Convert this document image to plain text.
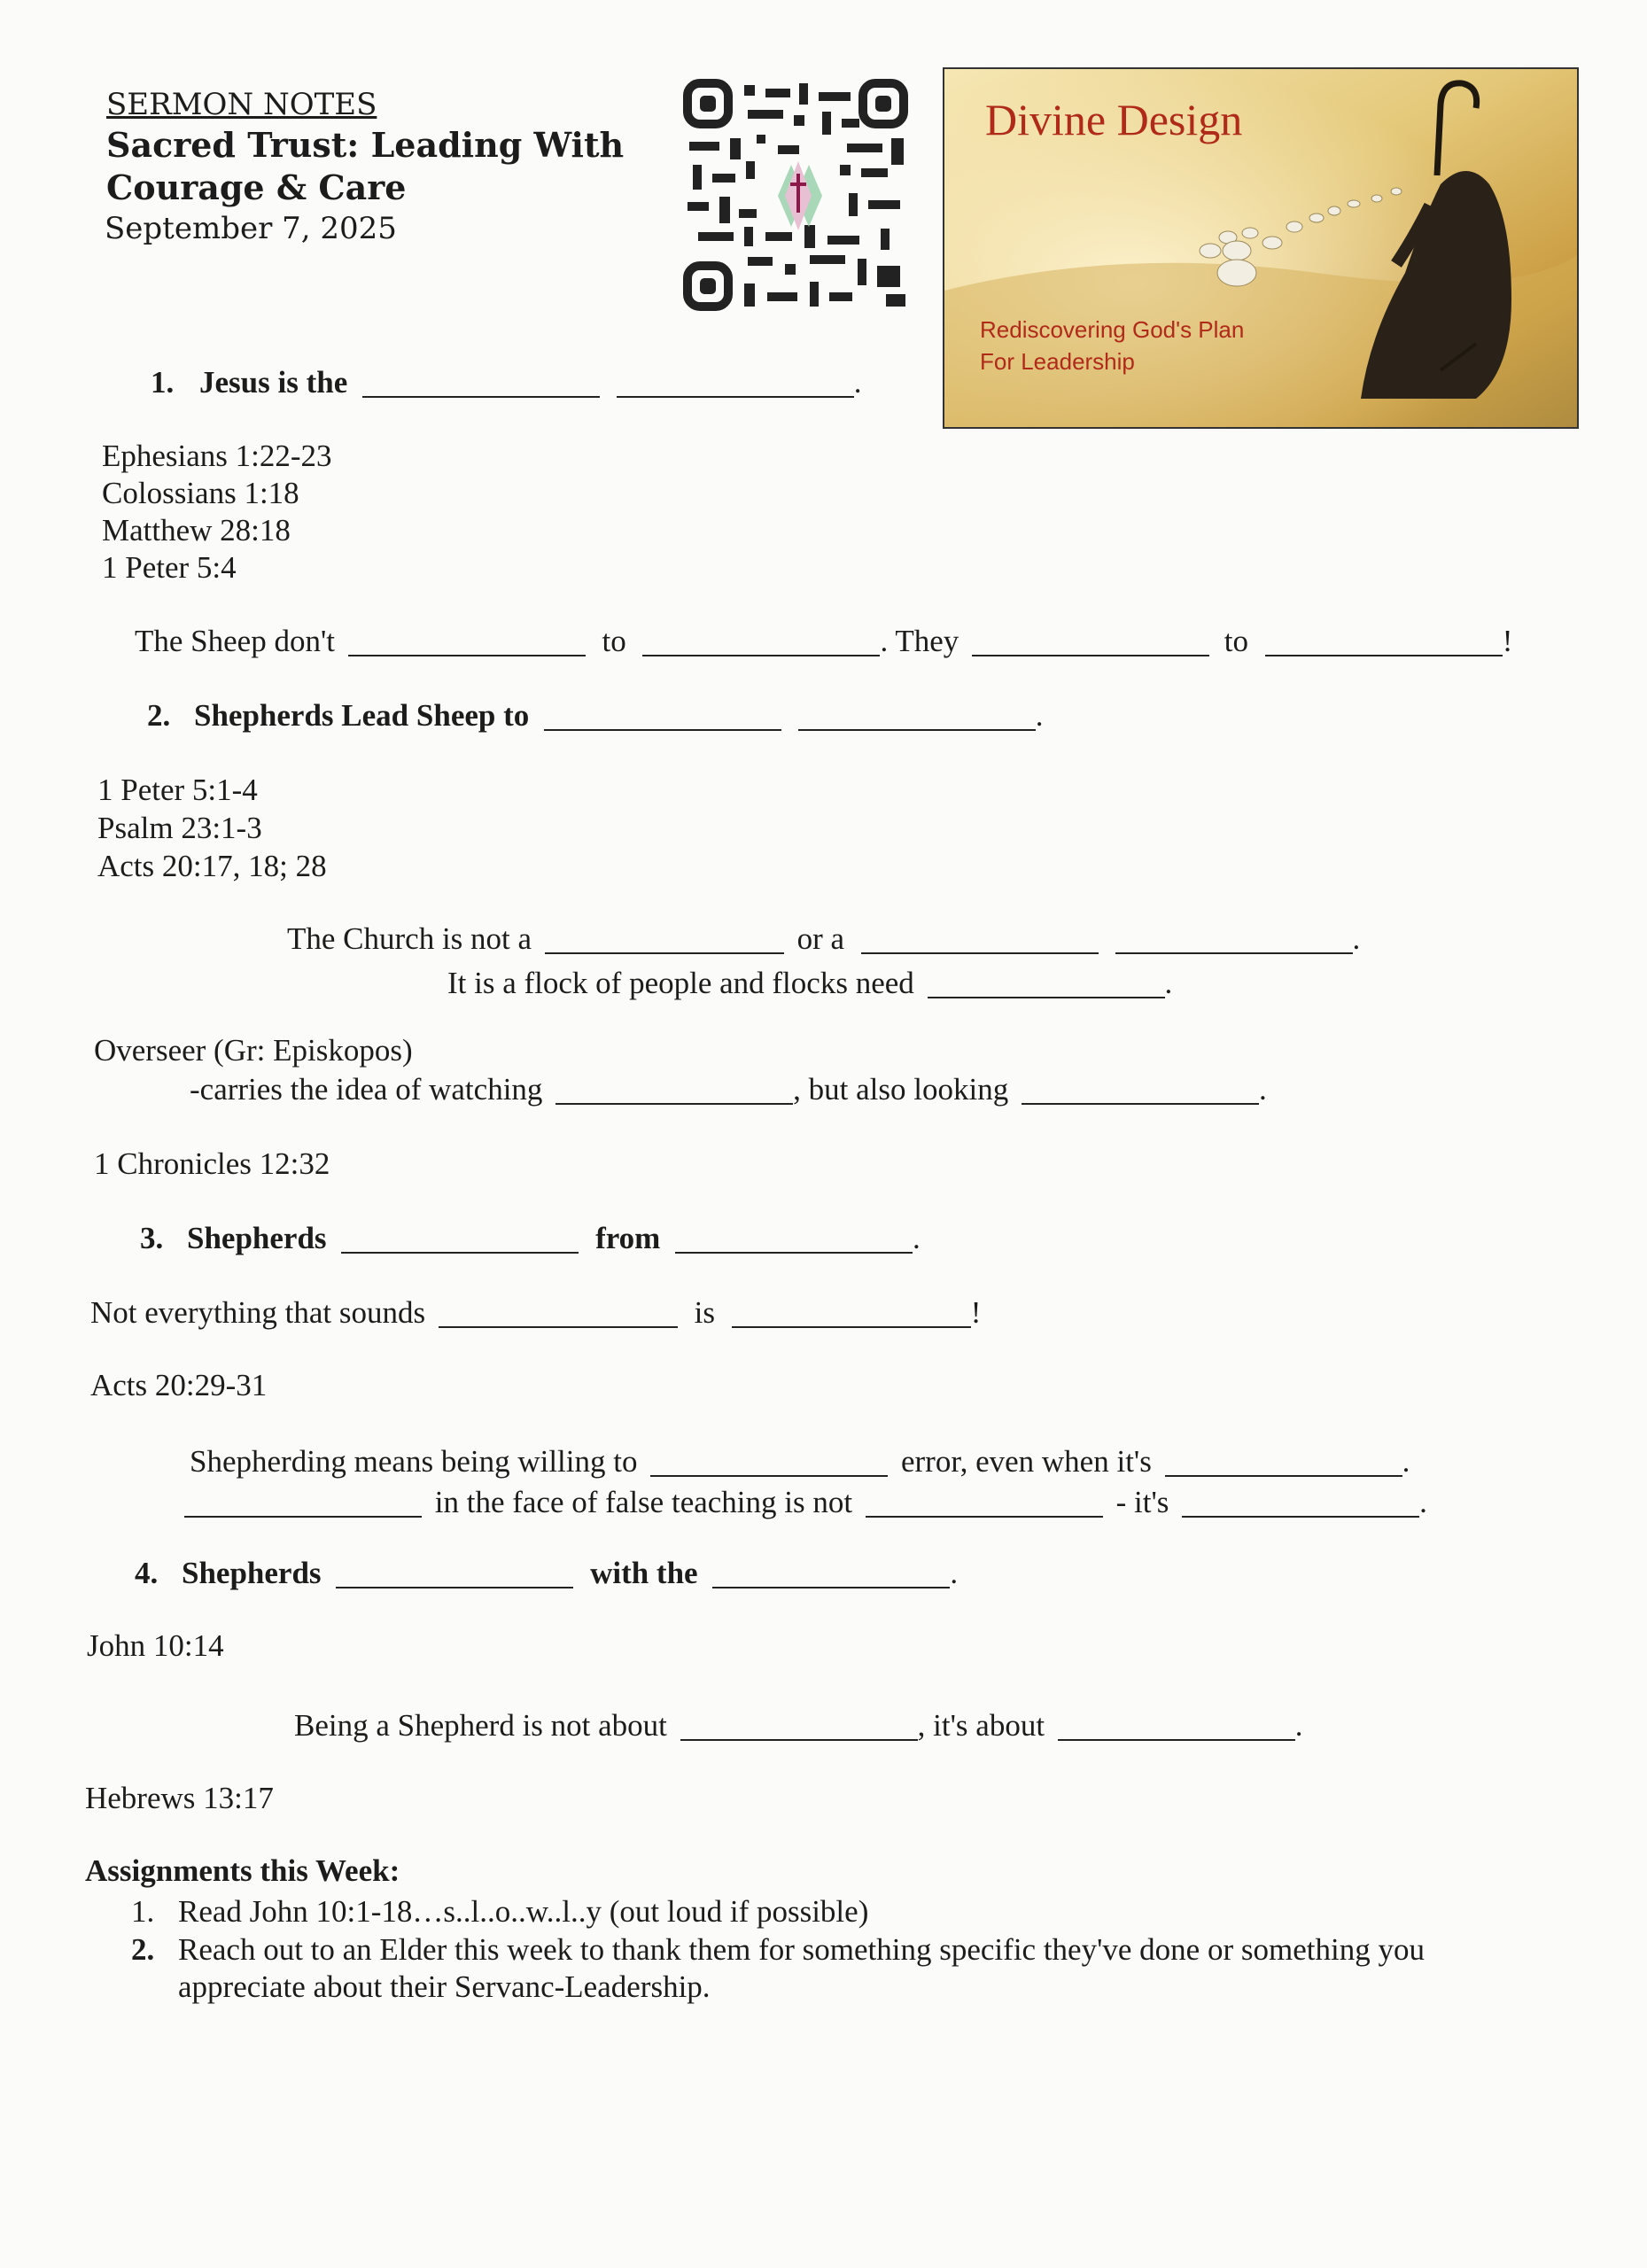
SERMON NOTES
Sacred Trust: Leading With Courage & Care
September 7, 2025
Divine Design
Rediscovering God's Plan For Leadership
1. Jesus is the	.
Ephesians 1:22-23
Colossians 1:18
Matthew 28:18
1 Peter 5:4
The Sheep don't	to	. They	to	!
2. Shepherds Lead Sheep to	.
1 Peter 5:1-4
Psalm 23:1-3
Acts 20:17, 18; 28
The Church is not a	or a	.
It is a flock of people and flocks need	.
Overseer (Gr: Episkopos)
-carries the idea of watching	, but also looking	.
1 Chronicles 12:32
3. Shepherds	from	.
Not everything that sounds	is	!
Acts 20:29-31
Shepherding means being willing to	error, even when it's	.
in the face of false teaching is not	- it's	.
4. Shepherds	with the	.
John 10:14
Being a Shepherd is not about	, it's about	.
Hebrews 13:17
Assignments this Week:
1. Read John 10:1-18…s..l..o..w..l..y (out loud if possible)
2. Reach out to an Elder this week to thank them for something specific they've done or something you appreciate about their Servanc-Leadership.
